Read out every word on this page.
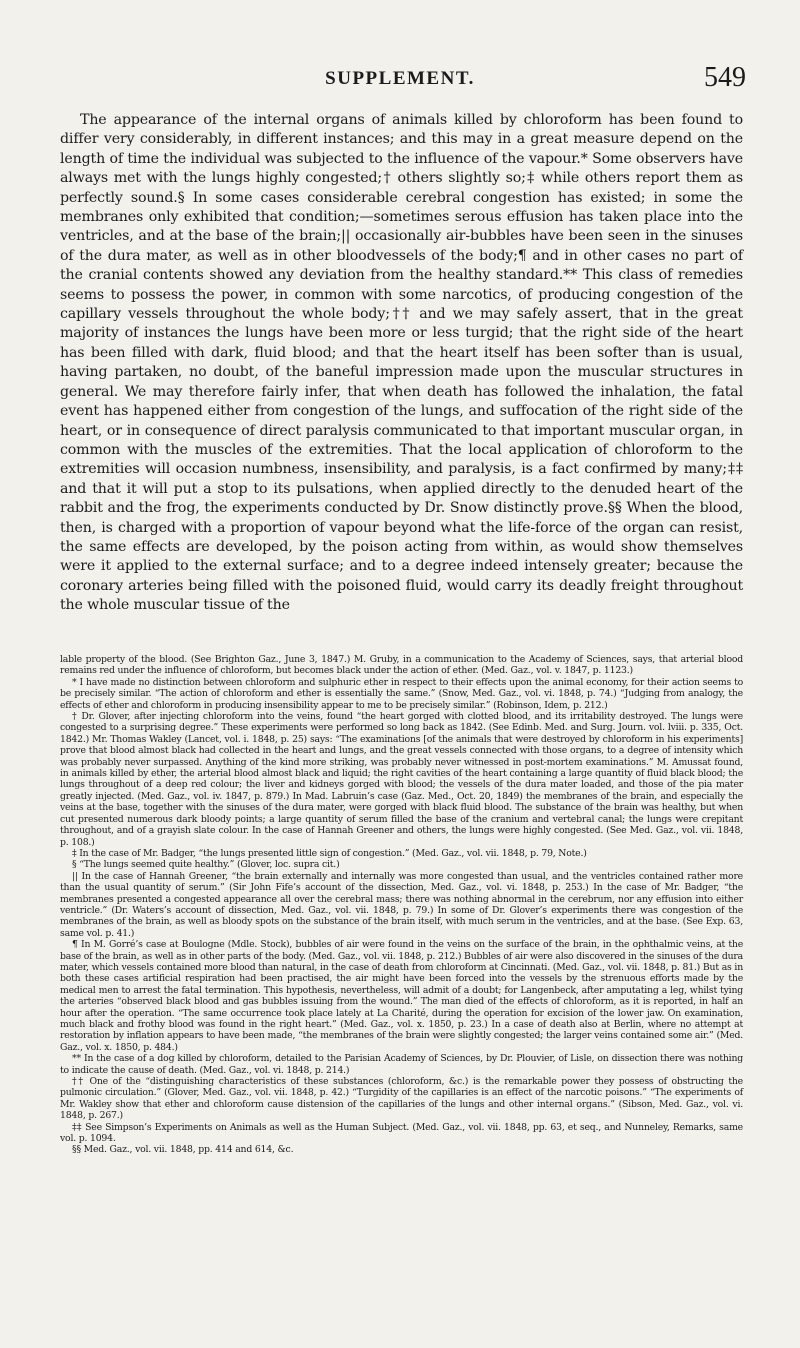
SUPPLEMENT.	549

The appearance of the internal organs of animals killed by chloroform has been found to differ very considerably, in different instances; and this may in a great measure depend on the length of time the individual was subjected to the influence of the vapour.* Some observers have always met with the lungs highly congested;† others slightly so;‡ while others report them as perfectly sound.§ In some cases considerable cerebral congestion has existed; in some the membranes only exhibited that condition;—sometimes serous effusion has taken place into the ventricles, and at the base of the brain;|| occasionally air-bubbles have been seen in the sinuses of the dura mater, as well as in other bloodvessels of the body;¶ and in other cases no part of the cranial contents showed any deviation from the healthy standard.** This class of remedies seems to possess the power, in common with some narcotics, of producing congestion of the capillary vessels throughout the whole body;†† and we may safely assert, that in the great majority of instances the lungs have been more or less turgid; that the right side of the heart has been filled with dark, fluid blood; and that the heart itself has been softer than is usual, having partaken, no doubt, of the baneful impression made upon the muscular structures in general. We may therefore fairly infer, that when death has followed the inhalation, the fatal event has happened either from congestion of the lungs, and suffocation of the right side of the heart, or in consequence of direct paralysis communicated to that important muscular organ, in common with the muscles of the extremities. That the local application of chloroform to the extremities will occasion numbness, insensibility, and paralysis, is a fact confirmed by many;‡‡ and that it will put a stop to its pulsations, when applied directly to the denuded heart of the rabbit and the frog, the experiments conducted by Dr. Snow distinctly prove.§§ When the blood, then, is charged with a proportion of vapour beyond what the life-force of the organ can resist, the same effects are developed, by the poison acting from within, as would show themselves were it applied to the external surface; and to a degree indeed intensely greater; because the coronary arteries being filled with the poisoned fluid, would carry its deadly freight throughout the whole muscular tissue of the

lable property of the blood. (See Brighton Gaz., June 3, 1847.) M. Gruby, in a communication to the Academy of Sciences, says, that arterial blood remains red under the influence of chloroform, but becomes black under the action of ether. (Med. Gaz., vol. v. 1847, p. 1123.)

* I have made no distinction between chloroform and sulphuric ether in respect to their effects upon the animal economy, for their action seems to be precisely similar. “The action of chloroform and ether is essentially the same.” (Snow, Med. Gaz., vol. vi. 1848, p. 74.) “Judging from analogy, the effects of ether and chloroform in producing insensibility appear to me to be precisely similar.” (Robinson, Idem, p. 212.)

† Dr. Glover, after injecting chloroform into the veins, found “the heart gorged with clotted blood, and its irritability destroyed. The lungs were congested to a surprising degree.” These experiments were performed so long back as 1842. (See Edinb. Med. and Surg. Journ. vol. lviii. p. 335, Oct. 1842.) Mr. Thomas Wakley (Lancet, vol. i. 1848, p. 25) says: “The examinations [of the animals that were destroyed by chloroform in his experiments] prove that blood almost black had collected in the heart and lungs, and the great vessels connected with those organs, to a degree of intensity which was probably never surpassed. Anything of the kind more striking, was probably never witnessed in post-mortem examinations.” M. Amussat found, in animals killed by ether, the arterial blood almost black and liquid; the right cavities of the heart containing a large quantity of fluid black blood; the lungs throughout of a deep red colour; the liver and kidneys gorged with blood; the vessels of the dura mater loaded, and those of the pia mater greatly injected. (Med. Gaz., vol. iv. 1847, p. 879.) In Mad. Labruin’s case (Gaz. Med., Oct. 20, 1849) the membranes of the brain, and especially the veins at the base, together with the sinuses of the dura mater, were gorged with black fluid blood. The substance of the brain was healthy, but when cut presented numerous dark bloody points; a large quantity of serum filled the base of the cranium and vertebral canal; the lungs were crepitant throughout, and of a grayish slate colour. In the case of Hannah Greener and others, the lungs were highly congested. (See Med. Gaz., vol. vii. 1848, p. 108.)

‡ In the case of Mr. Badger, “the lungs presented little sign of congestion.” (Med. Gaz., vol. vii. 1848, p. 79, Note.)

§ “The lungs seemed quite healthy.” (Glover, loc. supra cit.)

|| In the case of Hannah Greener, “the brain externally and internally was more congested than usual, and the ventricles contained rather more than the usual quantity of serum.” (Sir John Fife’s account of the dissection, Med. Gaz., vol. vi. 1848, p. 253.) In the case of Mr. Badger, “the membranes presented a congested appearance all over the cerebral mass; there was nothing abnormal in the cerebrum, nor any effusion into either ventricle.” (Dr. Waters’s account of dissection, Med. Gaz., vol. vii. 1848, p. 79.) In some of Dr. Glover’s experiments there was congestion of the membranes of the brain, as well as bloody spots on the substance of the brain itself, with much serum in the ventricles, and at the base. (See Exp. 63, same vol. p. 41.)

¶ In M. Gorré’s case at Boulogne (Mdle. Stock), bubbles of air were found in the veins on the surface of the brain, in the ophthalmic veins, at the base of the brain, as well as in other parts of the body. (Med. Gaz., vol. vii. 1848, p. 212.) Bubbles of air were also discovered in the sinuses of the dura mater, which vessels contained more blood than natural, in the case of death from chloroform at Cincinnati. (Med. Gaz., vol. vii. 1848, p. 81.) But as in both these cases artificial respiration had been practised, the air might have been forced into the vessels by the strenuous efforts made by the medical men to arrest the fatal termination. This hypothesis, nevertheless, will admit of a doubt; for Langenbeck, after amputating a leg, whilst tying the arteries “observed black blood and gas bubbles issuing from the wound.” The man died of the effects of chloroform, as it is reported, in half an hour after the operation. “The same occurrence took place lately at La Charité, during the operation for excision of the lower jaw. On examination, much black and frothy blood was found in the right heart.” (Med. Gaz., vol. x. 1850, p. 23.) In a case of death also at Berlin, where no attempt at restoration by inflation appears to have been made, “the membranes of the brain were slightly congested; the larger veins contained some air.” (Med. Gaz., vol. x. 1850, p. 484.)

** In the case of a dog killed by chloroform, detailed to the Parisian Academy of Sciences, by Dr. Plouvier, of Lisle, on dissection there was nothing to indicate the cause of death. (Med. Gaz., vol. vi. 1848, p. 214.)

†† One of the “distinguishing characteristics of these substances (chloroform, &c.) is the remarkable power they possess of obstructing the pulmonic circulation.” (Glover, Med. Gaz., vol. vii. 1848, p. 42.) “Turgidity of the capillaries is an effect of the narcotic poisons.” “The experiments of Mr. Wakley show that ether and chloroform cause distension of the capillaries of the lungs and other internal organs.” (Sibson, Med. Gaz., vol. vi. 1848, p. 267.)

‡‡ See Simpson’s Experiments on Animals as well as the Human Subject. (Med. Gaz., vol. vii. 1848, pp. 63, et seq., and Nunneley, Remarks, same vol. p. 1094.

§§ Med. Gaz., vol. vii. 1848, pp. 414 and 614, &c.
